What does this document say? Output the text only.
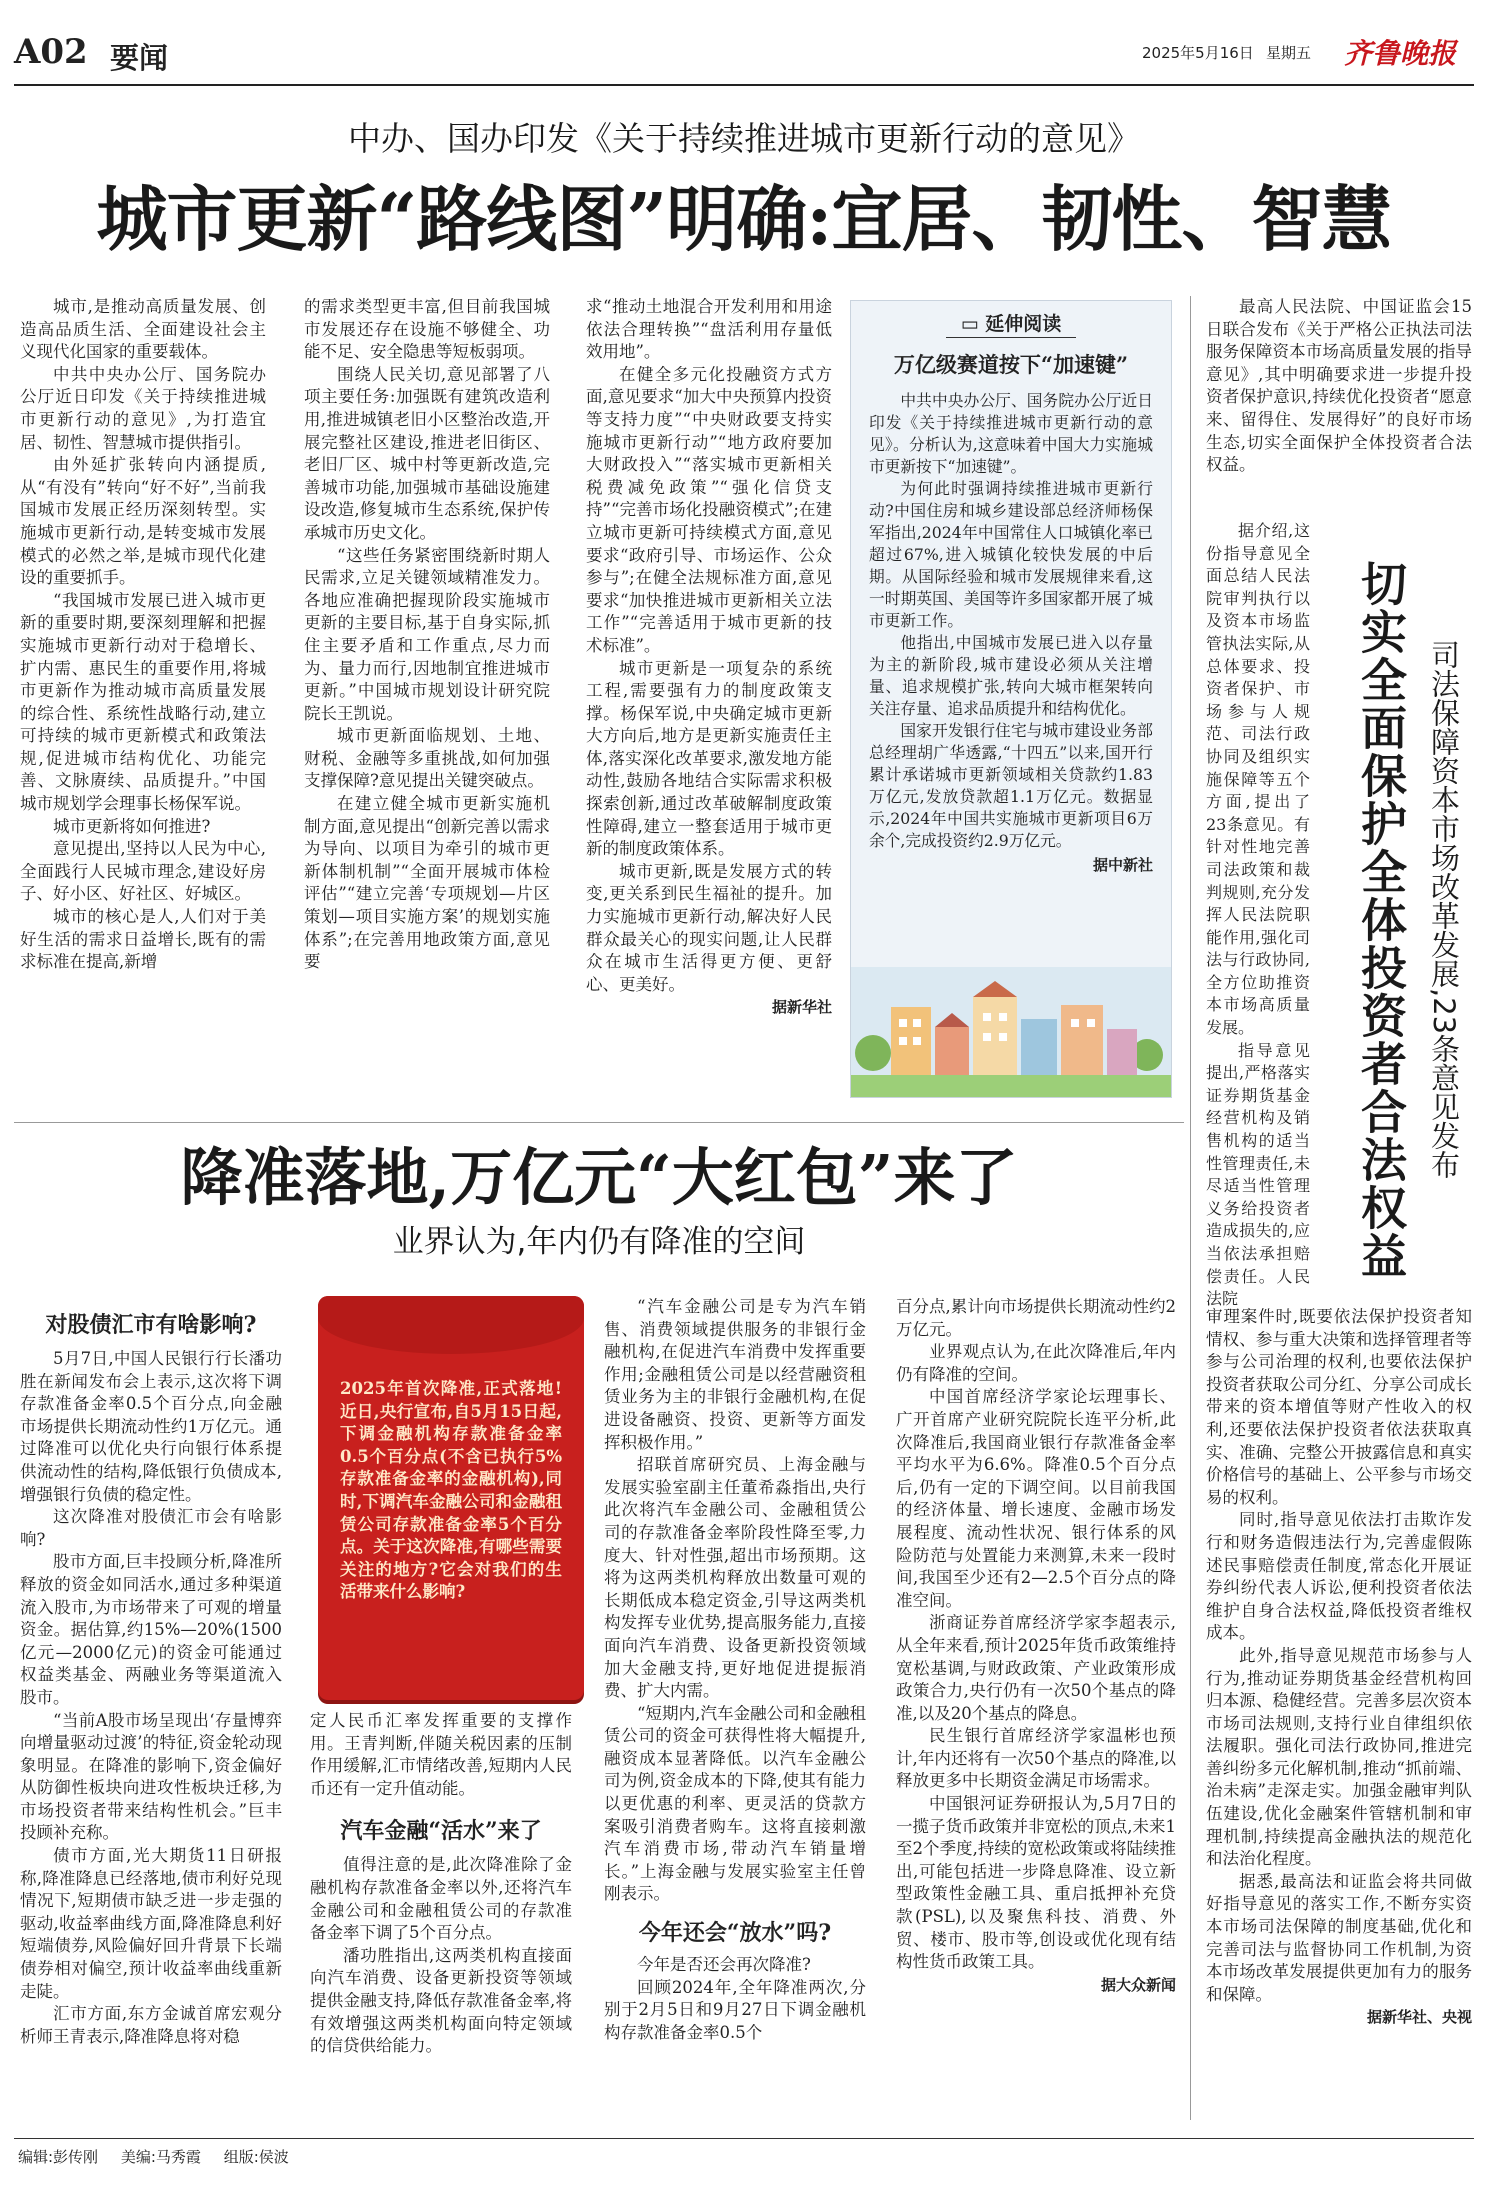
A02 要闻	2025年5月16日 星期五 齐鲁晚报
中办、国办印发《关于持续推进城市更新行动的意见》
城市更新“路线图”明确:宜居、韧性、智慧

城市,是推动高质量发展、创造高品质生活、全面建设社会主义现代化国家的重要载体。

中共中央办公厅、国务院办公厅近日印发《关于持续推进城市更新行动的意见》,为打造宜居、韧性、智慧城市提供指引。

由外延扩张转向内涵提质,从“有没有”转向“好不好”,当前我国城市发展正经历深刻转型。实施城市更新行动,是转变城市发展模式的必然之举,是城市现代化建设的重要抓手。

“我国城市发展已进入城市更新的重要时期,要深刻理解和把握实施城市更新行动对于稳增长、扩内需、惠民生的重要作用,将城市更新作为推动城市高质量发展的综合性、系统性战略行动,建立可持续的城市更新模式和政策法规,促进城市结构优化、功能完善、文脉赓续、品质提升。”中国城市规划学会理事长杨保军说。

城市更新将如何推进?

意见提出,坚持以人民为中心,全面践行人民城市理念,建设好房子、好小区、好社区、好城区。

城市的核心是人,人们对于美好生活的需求日益增长,既有的需求标准在提高,新增

的需求类型更丰富,但目前我国城市发展还存在设施不够健全、功能不足、安全隐患等短板弱项。

围绕人民关切,意见部署了八项主要任务:加强既有建筑改造利用,推进城镇老旧小区整治改造,开展完整社区建设,推进老旧街区、老旧厂区、城中村等更新改造,完善城市功能,加强城市基础设施建设改造,修复城市生态系统,保护传承城市历史文化。

“这些任务紧密围绕新时期人民需求,立足关键领域精准发力。各地应准确把握现阶段实施城市更新的主要目标,基于自身实际,抓住主要矛盾和工作重点,尽力而为、量力而行,因地制宜推进城市更新。”中国城市规划设计研究院院长王凯说。

城市更新面临规划、土地、财税、金融等多重挑战,如何加强支撑保障?意见提出关键突破点。

在建立健全城市更新实施机制方面,意见提出“创新完善以需求为导向、以项目为牵引的城市更新体制机制”“全面开展城市体检评估”“建立完善‘专项规划—片区策划—项目实施方案’的规划实施体系”;在完善用地政策方面,意见要

求“推动土地混合开发利用和用途依法合理转换”“盘活利用存量低效用地”。

在健全多元化投融资方式方面,意见要求“加大中央预算内投资等支持力度”“中央财政要支持实施城市更新行动”“地方政府要加大财政投入”“落实城市更新相关税费减免政策”“强化信贷支持”“完善市场化投融资模式”;在建立城市更新可持续模式方面,意见要求“政府引导、市场运作、公众参与”;在健全法规标准方面,意见要求“加快推进城市更新相关立法工作”“完善适用于城市更新的技术标准”。

城市更新是一项复杂的系统工程,需要强有力的制度政策支撑。杨保军说,中央确定城市更新大方向后,地方是更新实施责任主体,落实深化改革要求,激发地方能动性,鼓励各地结合实际需求积极探索创新,通过改革破解制度政策性障碍,建立一整套适用于城市更新的制度政策体系。

城市更新,既是发展方式的转变,更关系到民生福祉的提升。加力实施城市更新行动,解决好人民群众最关心的现实问题,让人民群众在城市生活得更方便、更舒心、更美好。

据新华社
▭ 延伸阅读
万亿级赛道按下“加速键”

中共中央办公厅、国务院办公厅近日印发《关于持续推进城市更新行动的意见》。分析认为,这意味着中国大力实施城市更新按下“加速键”。

为何此时强调持续推进城市更新行动?中国住房和城乡建设部总经济师杨保军指出,2024年中国常住人口城镇化率已超过67%,进入城镇化较快发展的中后期。从国际经验和城市发展规律来看,这一时期英国、美国等许多国家都开展了城市更新工作。

他指出,中国城市发展已进入以存量为主的新阶段,城市建设必须从关注增量、追求规模扩张,转向大城市框架转向关注存量、追求品质提升和结构优化。

国家开发银行住宅与城市建设业务部总经理胡广华透露,“十四五”以来,国开行累计承诺城市更新领域相关贷款约1.83万亿元,发放贷款超1.1万亿元。数据显示,2024年中国共实施城市更新项目6万余个,完成投资约2.9万亿元。

据中新社

最高人民法院、中国证监会15日联合发布《关于严格公正执法司法 服务保障资本市场高质量发展的指导意见》,其中明确要求进一步提升投资者保护意识,持续优化投资者“愿意来、留得住、发展得好”的良好市场生态,切实全面保护全体投资者合法权益。

据介绍,这份指导意见全面总结人民法院审判执行以及资本市场监管执法实际,从总体要求、投资者保护、市场参与人规范、司法行政协同及组织实施保障等五个方面,提出了23条意见。有针对性地完善司法政策和裁判规则,充分发挥人民法院职能作用,强化司法与行政协同,全方位助推资本市场高质量发展。

指导意见提出,严格落实证券期货基金经营机构及销售机构的适当性管理责任,未尽适当性管理义务给投资者造成损失的,应当依法承担赔偿责任。人民法院

切实全面保护全体投资者合法权益 司法保障资本市场改革发展,23条意见发布

审理案件时,既要依法保护投资者知情权、参与重大决策和选择管理者等参与公司治理的权利,也要依法保护投资者获取公司分红、分享公司成长带来的资本增值等财产性收入的权利,还要依法保护投资者依法获取真实、准确、完整公开披露信息和真实价格信号的基础上、公平参与市场交易的权利。

同时,指导意见依法打击欺诈发行和财务造假违法行为,完善虚假陈述民事赔偿责任制度,常态化开展证券纠纷代表人诉讼,便利投资者依法维护自身合法权益,降低投资者维权成本。

此外,指导意见规范市场参与人行为,推动证券期货基金经营机构回归本源、稳健经营。完善多层次资本市场司法规则,支持行业自律组织依法履职。强化司法行政协同,推进完善纠纷多元化解机制,推动“抓前端、治未病”走深走实。加强金融审判队伍建设,优化金融案件管辖机制和审理机制,持续提高金融执法的规范化和法治化程度。

据悉,最高法和证监会将共同做好指导意见的落实工作,不断夯实资本市场司法保障的制度基础,优化和完善司法与监督协同工作机制,为资本市场改革发展提供更加有力的服务和保障。

据新华社、央视
降准落地,万亿元“大红包”来了
业界认为,年内仍有降准的空间
对股债汇市有啥影响?

5月7日,中国人民银行行长潘功胜在新闻发布会上表示,这次将下调存款准备金率0.5个百分点,向金融市场提供长期流动性约1万亿元。通过降准可以优化央行向银行体系提供流动性的结构,降低银行负债成本,增强银行负债的稳定性。

这次降准对股债汇市会有啥影响?

股市方面,巨丰投顾分析,降准所释放的资金如同活水,通过多种渠道流入股市,为市场带来了可观的增量资金。据估算,约15%—20%(1500亿元—2000亿元)的资金可能通过权益类基金、两融业务等渠道流入股市。

“当前A股市场呈现出‘存量博弈向增量驱动过渡’的特征,资金轮动现象明显。在降准的影响下,资金偏好从防御性板块向进攻性板块迁移,为市场投资者带来结构性机会。”巨丰投顾补充称。

债市方面,光大期货11日研报称,降准降息已经落地,债市利好兑现情况下,短期债市缺乏进一步走强的驱动,收益率曲线方面,降准降息利好短端债券,风险偏好回升背景下长端债券相对偏空,预计收益率曲线重新走陡。

汇市方面,东方金诚首席宏观分析师王青表示,降准降息将对稳

2025年首次降准,正式落地!近日,央行宣布,自5月15日起,下调金融机构存款准备金率0.5个百分点(不含已执行5%存款准备金率的金融机构),同时,下调汽车金融公司和金融租赁公司存款准备金率5个百分点。关于这次降准,有哪些需要关注的地方?它会对我们的生活带来什么影响?

定人民币汇率发挥重要的支撑作用。王青判断,伴随关税因素的压制作用缓解,汇市情绪改善,短期内人民币还有一定升值动能。

汽车金融“活水”来了

值得注意的是,此次降准除了金融机构存款准备金率以外,还将汽车金融公司和金融租赁公司的存款准备金率下调了5个百分点。

潘功胜指出,这两类机构直接面向汽车消费、设备更新投资等领域提供金融支持,降低存款准备金率,将有效增强这两类机构面向特定领域的信贷供给能力。

“汽车金融公司是专为汽车销售、消费领域提供服务的非银行金融机构,在促进汽车消费中发挥重要作用;金融租赁公司是以经营融资租赁业务为主的非银行金融机构,在促进设备融资、投资、更新等方面发挥积极作用。”

招联首席研究员、上海金融与发展实验室副主任董希淼指出,央行此次将汽车金融公司、金融租赁公司的存款准备金率阶段性降至零,力度大、针对性强,超出市场预期。这将为这两类机构释放出数量可观的长期低成本稳定资金,引导这两类机构发挥专业优势,提高服务能力,直接面向汽车消费、设备更新投资领域加大金融支持,更好地促进提振消费、扩大内需。

“短期内,汽车金融公司和金融租赁公司的资金可获得性将大幅提升,融资成本显著降低。以汽车金融公司为例,资金成本的下降,使其有能力以更优惠的利率、更灵活的贷款方案吸引消费者购车。这将直接刺激汽车消费市场,带动汽车销量增长。”上海金融与发展实验室主任曾刚表示。

今年还会“放水”吗?

今年是否还会再次降准?

回顾2024年,全年降准两次,分别于2月5日和9月27日下调金融机构存款准备金率0.5个

百分点,累计向市场提供长期流动性约2万亿元。

业界观点认为,在此次降准后,年内仍有降准的空间。

中国首席经济学家论坛理事长、广开首席产业研究院院长连平分析,此次降准后,我国商业银行存款准备金率平均水平为6.6%。降准0.5个百分点后,仍有一定的下调空间。以目前我国的经济体量、增长速度、金融市场发展程度、流动性状况、银行体系的风险防范与处置能力来测算,未来一段时间,我国至少还有2—2.5个百分点的降准空间。

浙商证券首席经济学家李超表示,从全年来看,预计2025年货币政策维持宽松基调,与财政政策、产业政策形成政策合力,央行仍有一次50个基点的降准,以及20个基点的降息。

民生银行首席经济学家温彬也预计,年内还将有一次50个基点的降准,以释放更多中长期资金满足市场需求。

中国银河证券研报认为,5月7日的一揽子货币政策并非宽松的顶点,未来1至2个季度,持续的宽松政策或将陆续推出,可能包括进一步降息降准、设立新型政策性金融工具、重启抵押补充贷款(PSL),以及聚焦科技、消费、外贸、楼市、股市等,创设或优化现有结构性货币政策工具。

据大众新闻
编辑:彭传刚 美编:马秀霞 组版:侯波
